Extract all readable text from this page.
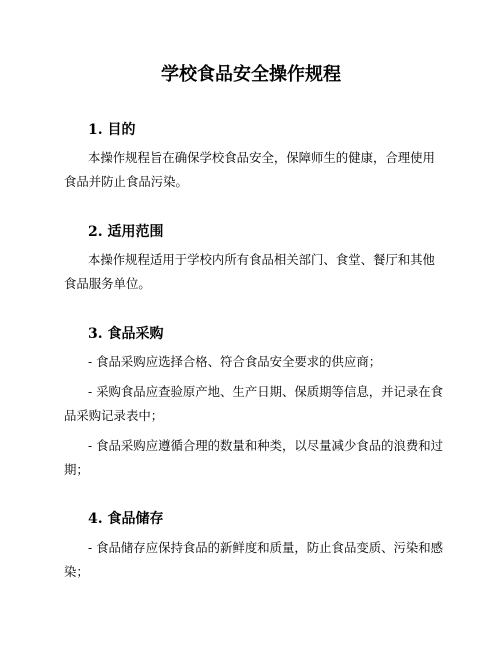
学校食品安全操作规程
1. 目的
2. 适用范围
3. 食品采购
4. 食品储存
本操作规程旨在确保学校食品安全，保障师生的健康，合理使用食品并防止食品污染。
本操作规程适用于学校内所有食品相关部门、食堂、餐厅和其他食品服务单位。
- 食品采购应选择合格、符合食品安全要求的供应商；
- 采购食品应查验原产地、生产日期、保质期等信息，并记录在食品采购记录表中；
- 食品采购应遵循合理的数量和种类，以尽量减少食品的浪费和过期；
- 食品储存应保持食品的新鲜度和质量，防止食品变质、污染和感染；
